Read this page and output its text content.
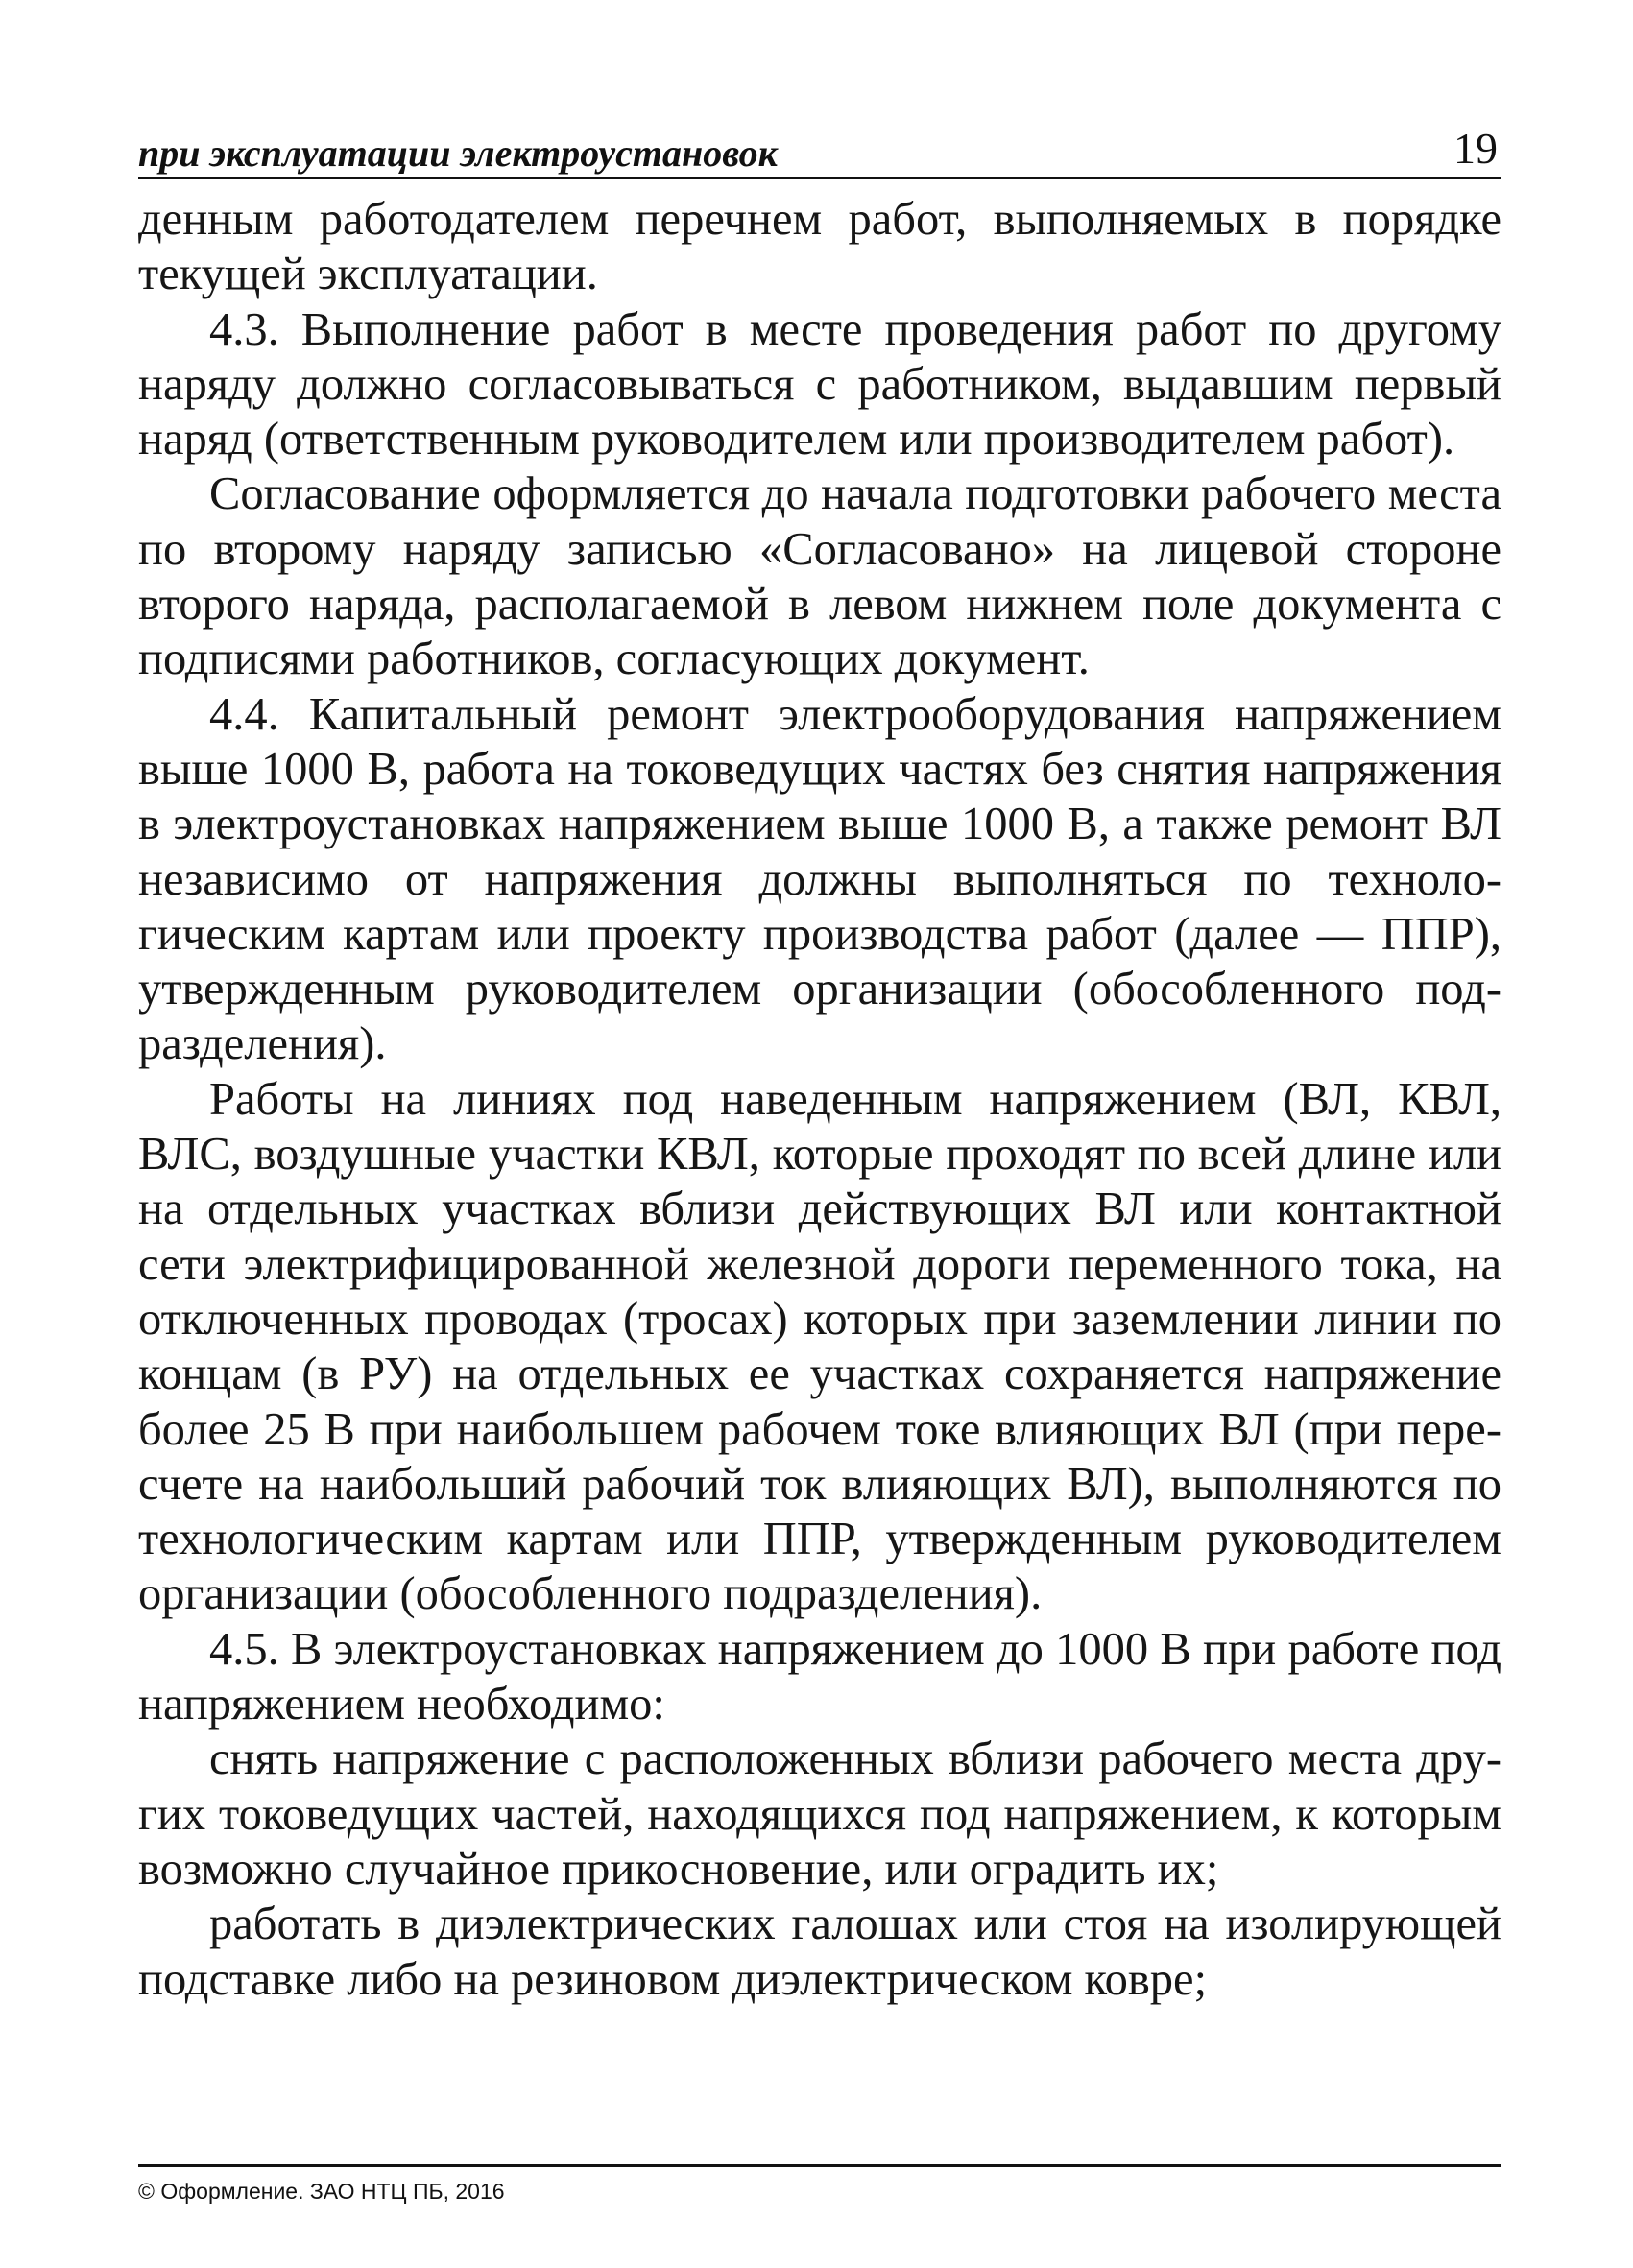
при эксплуатации электроустановок	19

денным работодателем перечнем работ, выполняемых в порядке текущей эксплуатации.

4.3. Выполнение работ в месте проведения работ по другому наряду должно согласовываться с работником, выдавшим первый наряд (ответственным руководителем или производителем работ).

Согласование оформляется до начала подготовки рабочего места по второму наряду записью «Согласовано» на лицевой стороне второго наряда, располагаемой в левом нижнем поле документа с подписями работников, согласующих документ.

4.4. Капитальный ремонт электрооборудования напряжением выше 1000 В, работа на токоведущих частях без снятия напряжения в электроустановках напряжением выше 1000 В, а также ремонт ВЛ независимо от напряжения должны выполняться по технологическим картам или проекту производства работ (далее — ППР), утвержденным руководителем организации (обособленного подразделения).

Работы на линиях под наведенным напряжением (ВЛ, КВЛ, ВЛС, воздушные участки КВЛ, которые проходят по всей длине или на отдельных участках вблизи действующих ВЛ или контактной сети электрифицированной железной дороги переменного тока, на отключенных проводах (тросах) которых при заземлении линии по концам (в РУ) на отдельных ее участках сохраняется напряжение более 25 В при наибольшем рабочем токе влияющих ВЛ (при пересчете на наибольший рабочий ток влияющих ВЛ), выполняются по технологическим картам или ППР, утвержденным руководителем организации (обособленного подразделения).

4.5. В электроустановках напряжением до 1000 В при работе под напряжением необходимо:

снять напряжение с расположенных вблизи рабочего места других токоведущих частей, находящихся под напряжением, к которым возможно случайное прикосновение, или оградить их;

работать в диэлектрических галошах или стоя на изолирующей подставке либо на резиновом диэлектрическом ковре;

© Оформление. ЗАО НТЦ ПБ, 2016
